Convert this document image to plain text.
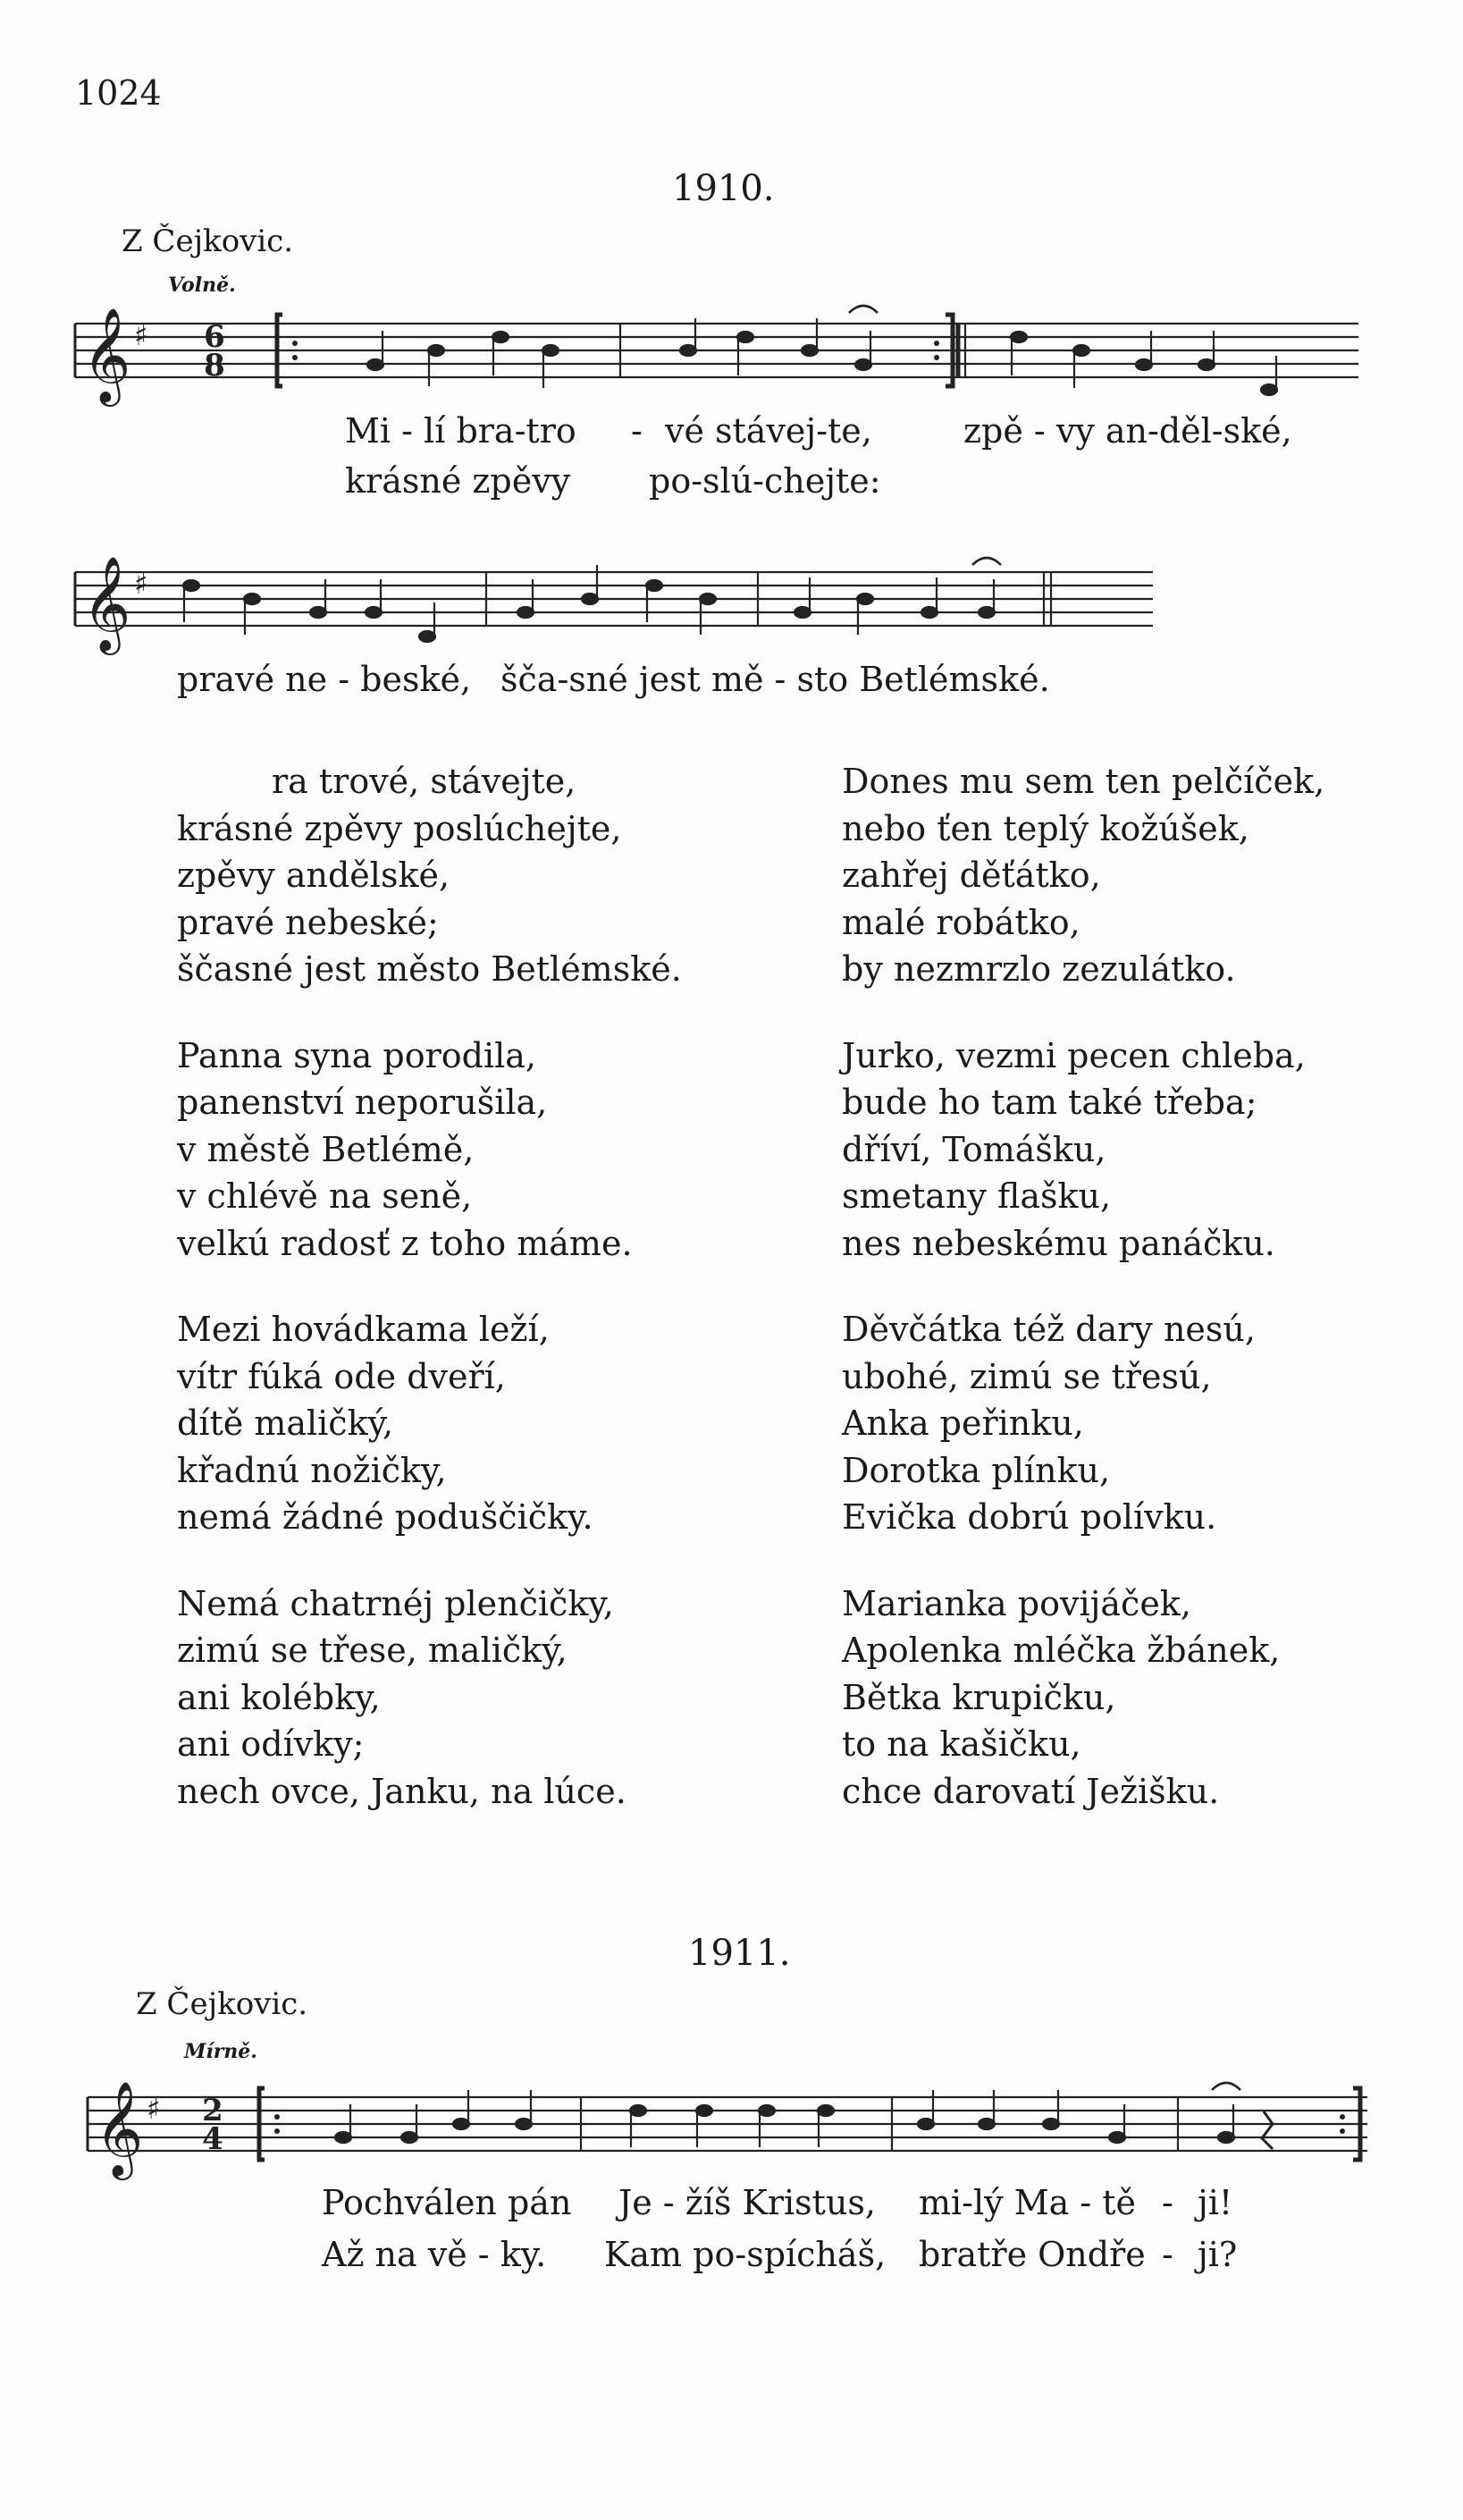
1024
1910.
Z Čejkovic.
Volně.
𝄞 ♯ 6
8
Mi - lí bra-tro - vé stávej-te,	zpě - vy an-děl-ské,
krásné zpěvy po-slú-chejte:
𝄞 ♯
pravé ne - beské, šča-sné jest mě - sto Betlémské.
ra trové, stávejte,
krásné zpěvy poslúchejte,
zpěvy andělské,
pravé nebeské;
ščasné jest město Betlémské.
Panna syna porodila,
panenství neporušila,
v městě Betlémě,
v chlévě na seně,
velkú radosť z toho máme.
Mezi hovádkama leží,
vítr fúká ode dveří,
dítě maličký,
křadnú nožičky,
nemá žádné poduščičky.
Nemá chatrnéj plenčičky,
zimú se třese, maličký,
ani kolébky,
ani odívky;
nech ovce, Janku, na lúce.
Dones mu sem ten pelčíček,
nebo ťen teplý kožúšek,
zahřej děťátko,
malé robátko,
by nezmrzlo zezulátko.
Jurko, vezmi pecen chleba,
bude ho tam také třeba;
dříví, Tomášku,
smetany flašku,
nes nebeskému panáčku.
Děvčátka též dary nesú,
ubohé, zimú se třesú,
Anka peřinku,
Dorotka plínku,
Evička dobrú polívku.
Marianka povijáček,
Apolenka mléčka žbánek,
Bětka krupičku,
to na kašičku,
chce darovatí Ježišku.
1911.
Z Čejkovic.
Mírně.
𝄞 ♯ 2
4
Pochválen pán Je - žíš Kristus, mi-lý Ma - tě - ji!
Až na vě - ky. Kam po-spícháš, bratře Ondře - ji?
